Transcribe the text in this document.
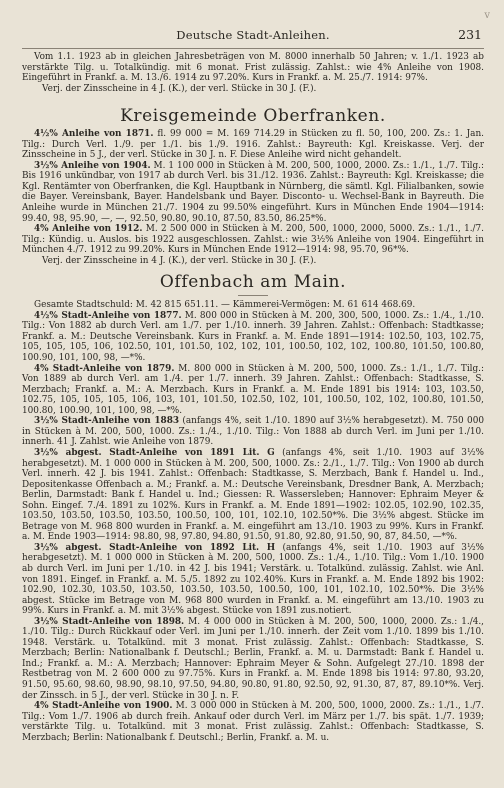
v
Deutsche Stadt-Anleihen.	231

Vom 1.1. 1923 ab in gleichen Jahresbeträgen von M. 8000 innerhalb 50 Jahren; v. 1./1. 1923 ab verstärkte Tilg. u. Totalkündig. mit 6 monat. Frist zulässig. Zahlst.: wie 4% Anleihe von 1908. Eingeführt in Frankf. a. M. 13./6. 1914 zu 97.20%. Kurs in Frankf. a. M. 25./7. 1914: 97%.

Verj. der Zinsscheine in 4 J. (K.), der verl. Stücke in 30 J. (F.).

Kreisgemeinde Oberfranken.

4½% Anleihe von 1871. fl. 99 000 = M. 169 714.29 in Stücken zu fl. 50, 100, 200. Zs.: 1. Jan. Tilg.: Durch Verl. 1./9. per 1./1. bis 1./9. 1916. Zahlst.: Bayreuth: Kgl. Kreiskasse. Verj. der Zinsscheine in 5 J., der verl. Stücke in 30 J. n. F. Diese Anleihe wird nicht gehandelt.

3½% Anleihe von 1904. M. 1 100 000 in Stücken à M. 200, 500, 1000, 2000. Zs.: 1./1., 1./7. Tilg.: Bis 1916 unkündbar, von 1917 ab durch Verl. bis 31./12. 1936. Zahlst.: Bayreuth: Kgl. Kreiskasse; die Kgl. Rentämter von Oberfranken, die Kgl. Hauptbank in Nürnberg, die sämtl. Kgl. Filialbanken, sowie die Bayer. Vereinsbank, Bayer. Handelsbank und Bayer. Disconto- u. Wechsel-Bank in Bayreuth. Die Anleihe wurde in München 21./7. 1904 zu 99.50% eingeführt. Kurs in München Ende 1904—1914: 99.40, 98, 95.90, —, —, 92.50, 90.80, 90.10, 87.50, 83.50, 86.25*%.

4% Anleihe von 1912. M. 2 500 000 in Stücken à M. 200, 500, 1000, 2000, 5000. Zs.: 1./1., 1./7. Tilg.: Kündig. u. Auslos. bis 1922 ausgeschlossen. Zahlst.: wie 3½% Anleihe von 1904. Eingeführt in München 4./7. 1912 zu 99.20%. Kurs in München Ende 1912—1914: 98, 95.70, 96*%.

Verj. der Zinsscheine in 4 J. (K.), der verl. Stücke in 30 J. (F.).

Offenbach am Main.

Gesamte Stadtschuld: M. 42 815 651.11. — Kämmerei-Vermögen: M. 61 614 468.69.

4½% Stadt-Anleihe von 1877. M. 800 000 in Stücken à M. 200, 300, 500, 1000. Zs.: 1./4., 1./10. Tilg.: Von 1882 ab durch Verl. am 1./7. per 1./10. innerh. 39 Jahren. Zahlst.: Offenbach: Stadtkasse; Frankf. a. M.: Deutsche Vereinsbank. Kurs in Frankf. a. M. Ende 1891—1914: 102.50, 103, 102.75, 105, 105, 105, 106, 102.50, 101, 101.50, 102, 102, 101, 100.50, 102, 102, 100.80, 101.50, 100.80, 100.90, 101, 100, 98, —*%.

4% Stadt-Anleihe von 1879. M. 800 000 in Stücken à M. 200, 500, 1000. Zs.: 1./1., 1./7. Tilg.: Von 1889 ab durch Verl. am 1./4. per 1./7. innerh. 39 Jahren. Zahlst.: Offenbach: Stadtkasse, S. Merzbach; Frankf. a. M.: A. Merzbach. Kurs in Frankf. a. M. Ende 1891 bis 1914: 103, 103.50, 102.75, 105, 105, 105, 106, 103, 101, 101.50, 102.50, 102, 101, 100.50, 102, 102, 100.80, 101.50, 100.80, 100.90, 101, 100, 98, —*%.

3½% Stadt-Anleihe von 1883 (anfangs 4%, seit 1./10. 1890 auf 3½% herabgesetzt). M. 750 000 in Stücken à M. 200, 500, 1000. Zs.: 1./4., 1./10. Tilg.: Von 1888 ab durch Verl. im Juni per 1./10. innerh. 41 J. Zahlst. wie Anleihe von 1879.

3½% abgest. Stadt-Anleihe von 1891 Lit. G (anfangs 4%, seit 1./10. 1903 auf 3½% herabgesetzt). M. 1 000 000 in Stücken à M. 200, 500, 1000. Zs.: 2./1., 1./7. Tilg.: Von 1900 ab durch Verl. innerh. 42 J. bis 1941. Zahlst.: Offenbach: Stadtkasse, S. Merzbach, Bank f. Handel u. Ind., Depositenkasse Offenbach a. M.; Frankf. a. M.: Deutsche Vereinsbank, Dresdner Bank, A. Merzbach; Berlin, Darmstadt: Bank f. Handel u. Ind.; Giessen: R. Wassersleben; Hannover: Ephraim Meyer & Sohn. Eingef. 7./4. 1891 zu 102%. Kurs in Frankf. a. M. Ende 1891—1902: 102.05, 102.90, 102.35, 103.50, 103.50, 103.50, 103.50, 100.50, 100, 101, 102.10, 102.50*%. Die 3½% abgest. Stücke im Betrage von M. 968 800 wurden in Frankf. a. M. eingeführt am 13./10. 1903 zu 99%. Kurs in Frankf. a. M. Ende 1903—1914: 98.80, 98, 97.80, 94.80, 91.50, 91.80, 92.80, 91.50, 90, 87, 84.50, —*%.

3½% abgest. Stadt-Anleihe von 1892 Lit. H (anfangs 4%, seit 1./10. 1903 auf 3½% herabgesetzt). M. 1 000 000 in Stücken à M. 200, 500, 1000. Zs.: 1./4., 1./10. Tilg.: Vom 1./10. 1900 ab durch Verl. im Juni per 1./10. in 42 J. bis 1941; Verstärk. u. Totalkünd. zulässig. Zahlst. wie Anl. von 1891. Eingef. in Frankf. a. M. 5./5. 1892 zu 102.40%. Kurs in Frankf. a. M. Ende 1892 bis 1902: 102.90, 102.30, 103.50, 103.50, 103.50, 103.50, 100.50, 100, 101, 102.10, 102.50*%. Die 3½% abgest. Stücke im Betrage von M. 968 800 wurden in Frankf. a. M. eingeführt am 13./10. 1903 zu 99%. Kurs in Frankf. a. M. mit 3½% abgest. Stücke von 1891 zus.notiert.

3½% Stadt-Anleihe von 1898. M. 4 000 000 in Stücken à M. 200, 500, 1000, 2000. Zs.: 1./4., 1./10. Tilg.: Durch Rückkauf oder Verl. im Juni per 1./10. innerh. der Zeit vom 1./10. 1899 bis 1./10. 1948. Verstärk. u. Totalkünd. mit 3 monat. Frist zulässig. Zahlst.: Offenbach: Stadtkasse, S. Merzbach; Berlin: Nationalbank f. Deutschl.; Berlin, Frankf. a. M. u. Darmstadt: Bank f. Handel u. Ind.; Frankf. a. M.: A. Merzbach; Hannover: Ephraim Meyer & Sohn. Aufgelegt 27./10. 1898 der Restbetrag von M. 2 600 000 zu 97.75%. Kurs in Frankf. a. M. Ende 1898 bis 1914: 97.80, 93.20, 91.50, 95.60, 98.60, 98.90, 98.10, 97.50, 94.80, 90.80, 91.80, 92.50, 92, 91.30, 87, 87, 89.10*%. Verj. der Zinssch. in 5 J., der verl. Stücke in 30 J. n. F.

4% Stadt-Anleihe von 1900. M. 3 000 000 in Stücken à M. 200, 500, 1000, 2000. Zs.: 1./1., 1./7. Tilg.: Vom 1./7. 1906 ab durch freih. Ankauf oder durch Verl. im März per 1./7. bis spät. 1./7. 1939; verstärkte Tilg. u. Totalkünd. mit 3 monat. Frist zulässig. Zahlst.: Offenbach: Stadtkasse, S. Merzbach; Berlin: Nationalbank f. Deutschl.; Berlin, Frankf. a. M. u.
